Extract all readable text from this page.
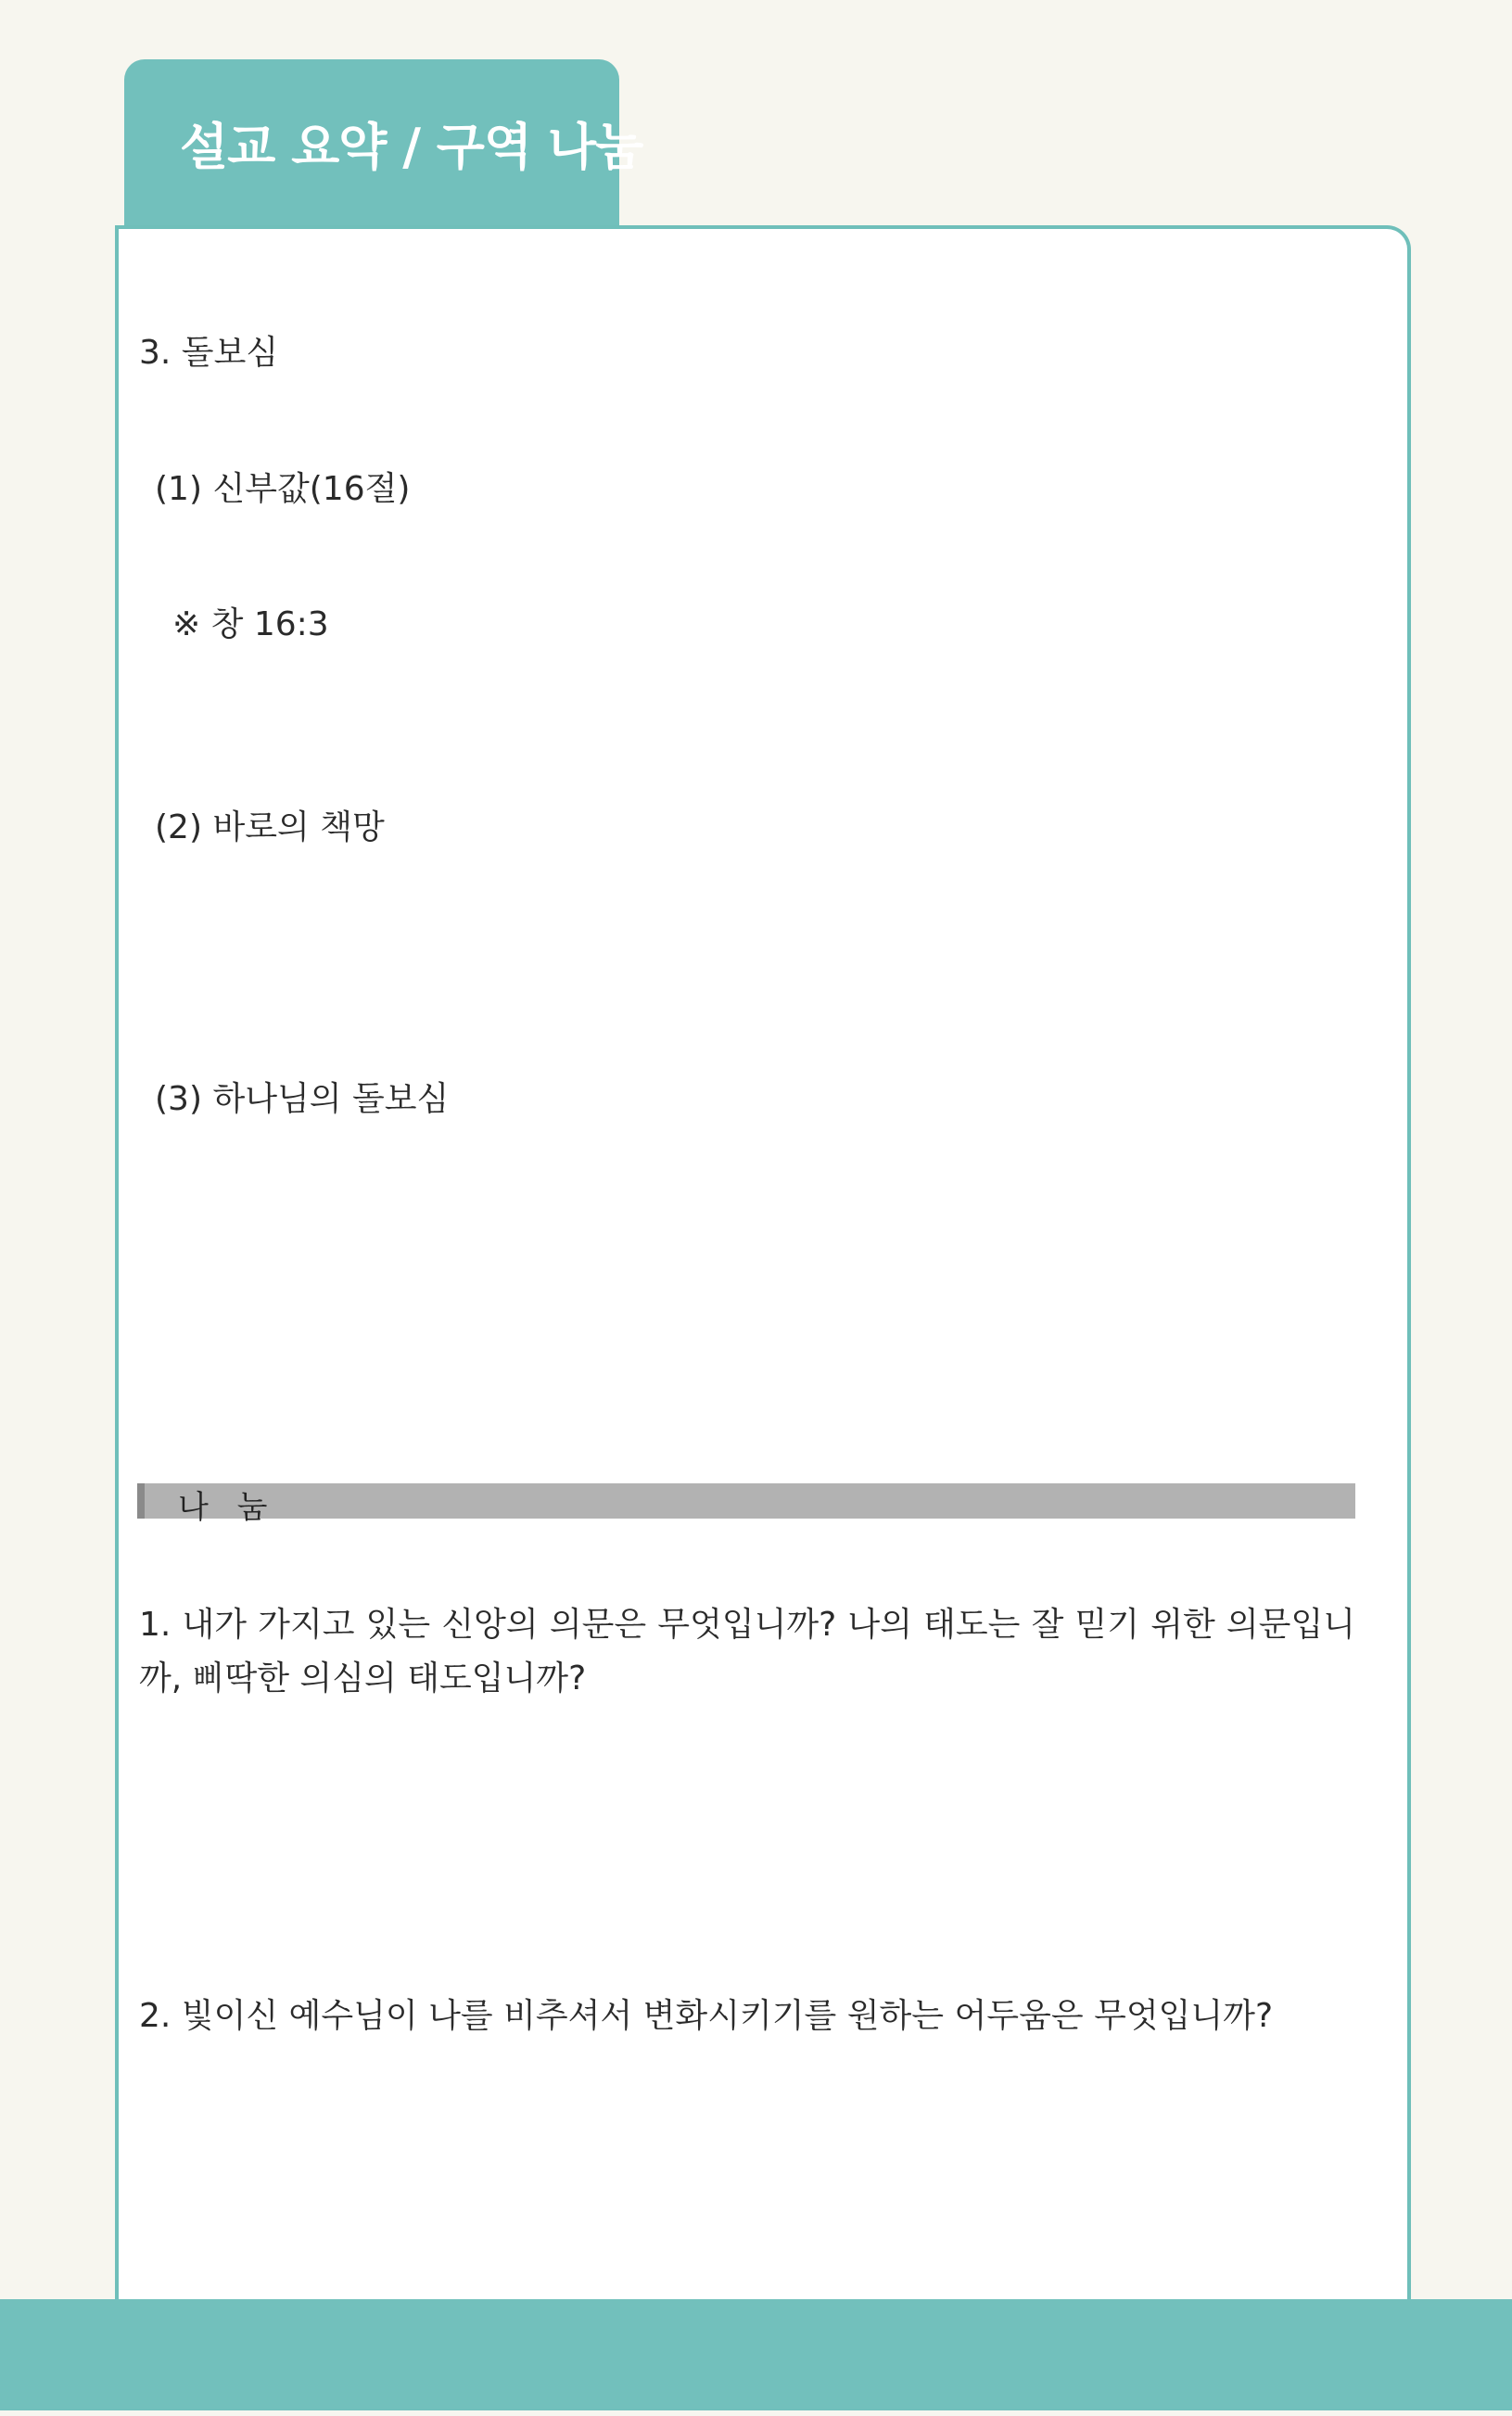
설교 요약 / 구역 나눔
3. 돌보심
(1) 신부값(16절)
※ 창 16:3
(2) 바로의 책망
(3) 하나님의 돌보심
나 눔
1. 내가 가지고 있는 신앙의 의문은 무엇입니까? 나의 태도는 잘 믿기 위한 의문입니까, 삐딱한 의심의 태도입니까?
2. 빛이신 예수님이 나를 비추셔서 변화시키기를 원하는 어두움은 무엇입니까?
